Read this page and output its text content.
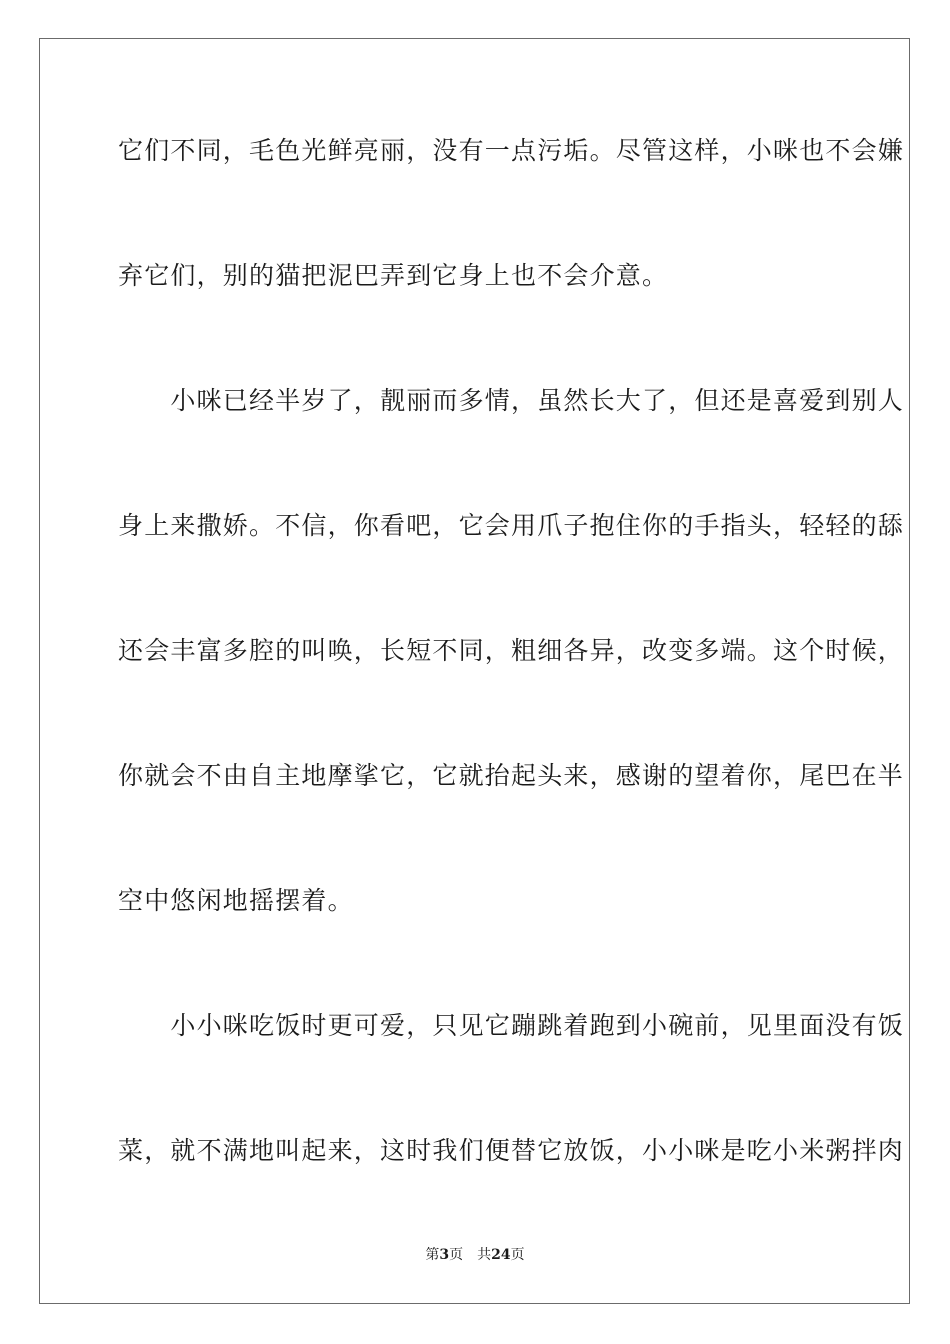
它们不同，毛色光鲜亮丽，没有一点污垢。尽管这样，小咪也不会嫌
弃它们，别的猫把泥巴弄到它身上也不会介意。
　　小咪已经半岁了，靓丽而多情，虽然长大了，但还是喜爱到别人
身上来撒娇。不信，你看吧，它会用爪子抱住你的手指头，轻轻的舔
还会丰富多腔的叫唤，长短不同，粗细各异，改变多端。这个时候，
你就会不由自主地摩挲它，它就抬起头来，感谢的望着你，尾巴在半
空中悠闲地摇摆着。
　　小小咪吃饭时更可爱，只见它蹦跳着跑到小碗前，见里面没有饭
菜，就不满地叫起来，这时我们便替它放饭，小小咪是吃小米粥拌肉
第3页　共24页
